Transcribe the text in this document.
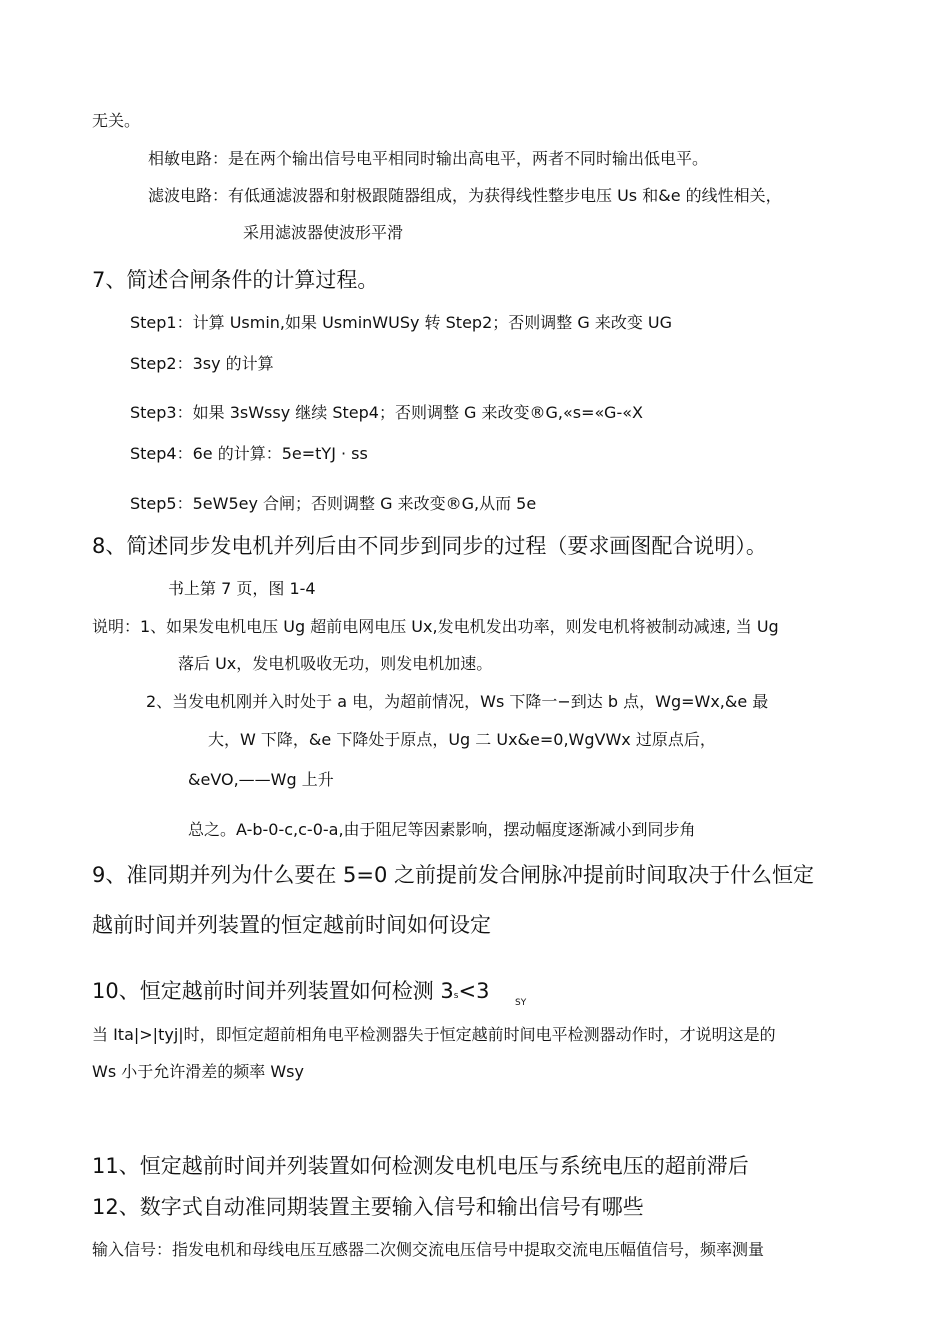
无关。

相敏电路：是在两个输出信号电平相同时输出高电平，两者不同时输出低电平。

滤波电路：有低通滤波器和射极跟随器组成，为获得线性整步电压 Us 和&e 的线性相关，

采用滤波器使波形平滑

7、简述合闸条件的计算过程。

Step1：计算 Usmin,如果 UsminWUSy 转 Step2；否则调整 G 来改变 UG

Step2：3sy 的计算

Step3：如果 3sWssy 继续 Step4；否则调整 G 来改变®G,«s=«G-«X

Step4：6e 的计算：5e=tYJ · ss

Step5：5eW5ey 合闸；否则调整 G 来改变®G,从而 5e

8、简述同步发电机并列后由不同步到同步的过程（要求画图配合说明）。

书上第 7 页，图 1-4

说明：1、如果发电机电压 Ug 超前电网电压 Ux,发电机发出功率，则发电机将被制动减速, 当 Ug

落后 Ux，发电机吸收无功，则发电机加速。

2、当发电机刚并入时处于 a 电，为超前情况，Ws 下降一−到达 b 点，Wg=Wx,&e 最

大，W 下降，&e 下降处于原点，Ug 二 Ux&e=0,WgVWx 过原点后，

&eVO,——Wg 上升

总之。A-b-0-c,c-0-a,由于阻尼等因素影响，摆动幅度逐渐减小到同步角

9、准同期并列为什么要在 5=0 之前提前发合闸脉冲提前时间取决于什么恒定

越前时间并列装置的恒定越前时间如何设定

10、恒定越前时间并列装置如何检测 3s<3	SY

当 Ita|>|tyj|时，即恒定超前相角电平检测器失于恒定越前时间电平检测器动作时，才说明这是的

Ws 小于允许滑差的频率 Wsy

11、恒定越前时间并列装置如何检测发电机电压与系统电压的超前滞后

12、数字式自动准同期装置主要输入信号和输出信号有哪些

输入信号：指发电机和母线电压互感器二次侧交流电压信号中提取交流电压幅值信号，频率测量
